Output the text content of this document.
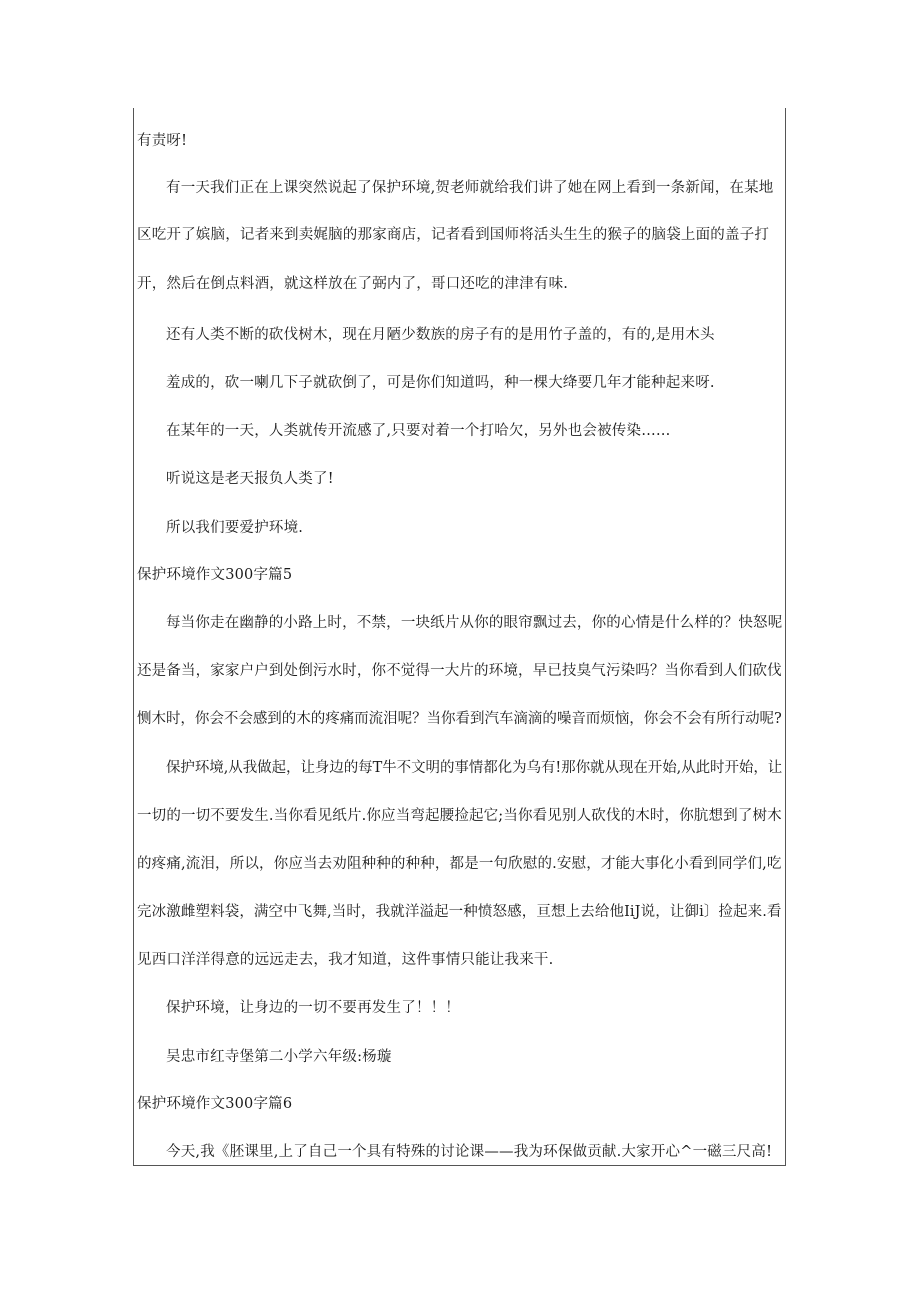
有责呀!
有一天我们正在上课突然说起了保护环境,贺老师就给我们讲了她在网上看到一条新闻，在某地
区吃开了嫔脑，记者来到卖娓脑的那家商店，记者看到国师将活头生生的猴子的脑袋上面的盖子打
开，然后在倒点料酒，就这样放在了弼内了，哥口还吃的津津有味.
还有人类不断的砍伐树木，现在月陋少数族的房子有的是用竹子盖的，有的,是用木头
羞成的，砍一喇几下子就砍倒了，可是你们知道吗，种一棵大绛要几年才能种起来呀.
在某年的一天，人类就传开流感了,只要对着一个打哈欠，另外也会被传染……
听说这是老天报负人类了!
所以我们要爱护环境.
保护环境作文300字篇5
每当你走在幽静的小路上时，不禁，一块纸片从你的眼帘飘过去，你的心情是什么样的？快怒呢
还是备当，家家户户到处倒污水时，你不觉得一大片的环境，早已技臭气污染吗？当你看到人们砍伐
恻木时，你会不会感到的木的疼痛而流泪呢？当你看到汽车滴滴的噪音而烦恼，你会不会有所行动呢?
保护环境,从我做起，让身边的每T牛不文明的事情都化为乌有!那你就从现在开始,从此时开始，让
一切的一切不要发生.当你看见纸片.你应当弯起腰捡起它;当你看见别人砍伐的木时，你肮想到了树木
的疼痛,流泪，所以，你应当去劝阻种种的种种，都是一句欣慰的.安慰，才能大事化小看到同学们,吃
完冰激雌塑料袋，满空中飞舞,当时，我就洋溢起一种愤怒感，亘想上去给他IiJ说，让御i〕捡起来.看
见西口洋洋得意的远远走去，我才知道，这件事情只能让我来干.
保护环境，让身边的一切不要再发生了！！！
吴忠市红寺堡第二小学六年级:杨璇
保护环境作文300字篇6
今天,我《胚课里,上了自己一个具有特殊的讨论课——我为环保做贡献.大家开心^一磁三尺高!
